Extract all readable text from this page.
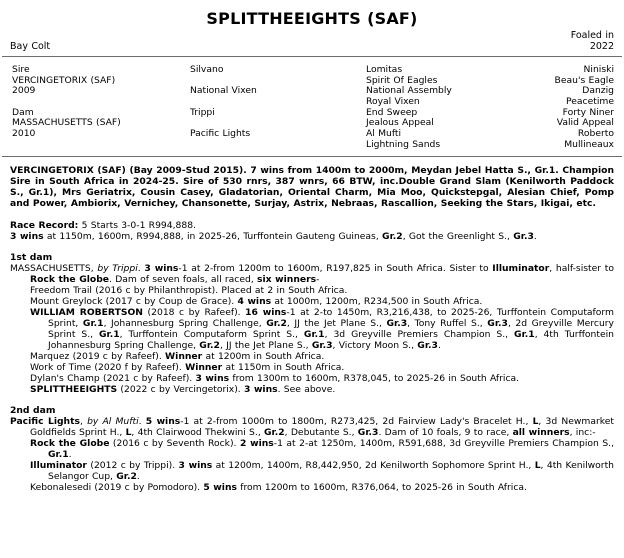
SPLITTHEEIGHTS (SAF)
Bay Colt
Foaled in
2022
Sire
VERCINGETORIX (SAF)
2009
Dam
MASSACHUSETTS (SAF)
2010
Silvano
National Vixen
Trippi
Pacific Lights
Lomitas
Spirit Of Eagles
National Assembly
Royal Vixen
End Sweep
Jealous Appeal
Al Mufti
Lightning Sands
Niniski
Beau's Eagle
Danzig
Peacetime
Forty Niner
Valid Appeal
Roberto
Mullineaux

VERCINGETORIX (SAF) (Bay 2009-Stud 2015). 7 wins from 1400m to 2000m, Meydan Jebel Hatta S., Gr.1. Champion Sire in South Africa in 2024-25. Sire of 530 rnrs, 387 wnrs, 66 BTW, inc.Double Grand Slam (Kenilworth Paddock S., Gr.1), Mrs Geriatrix, Cousin Casey, Gladatorian, Oriental Charm, Mia Moo, Quickstepgal, Alesian Chief, Pomp and Power, Ambiorix, Vernichey, Chansonette, Surjay, Astrix, Nebraas, Rascallion, Seeking the Stars, Ikigai, etc.

Race Record: 5 Starts 3-0-1 R994,888.

3 wins at 1150m, 1600m, R994,888, in 2025-26, Turffontein Gauteng Guineas, Gr.2, Got the Greenlight S., Gr.3.

1st dam

MASSACHUSETTS, by Trippi. 3 wins-1 at 2-from 1200m to 1600m, R197,825 in South Africa. Sister to Illuminator, half-sister to Rock the Globe. Dam of seven foals, all raced, six winners-

Freedom Trail (2016 c by Philanthropist). Placed at 2 in South Africa.

Mount Greylock (2017 c by Coup de Grace). 4 wins at 1000m, 1200m, R234,500 in South Africa.

WILLIAM ROBERTSON (2018 c by Rafeef). 16 wins-1 at 2-to 1450m, R3,216,438, to 2025-26, Turffontein Computaform Sprint, Gr.1, Johannesburg Spring Challenge, Gr.2, JJ the Jet Plane S., Gr.3, Tony Ruffel S., Gr.3, 2d Greyville Mercury Sprint S., Gr.1, Turffontein Computaform Sprint S., Gr.1, 3d Greyville Premiers Champion S., Gr.1, 4th Turffontein Johannesburg Spring Challenge, Gr.2, JJ the Jet Plane S., Gr.3, Victory Moon S., Gr.3.

Marquez (2019 c by Rafeef). Winner at 1200m in South Africa.

Work of Time (2020 f by Rafeef). Winner at 1150m in South Africa.

Dylan's Champ (2021 c by Rafeef). 3 wins from 1300m to 1600m, R378,045, to 2025-26 in South Africa.

SPLITTHEEIGHTS (2022 c by Vercingetorix). 3 wins. See above.

2nd dam

Pacific Lights, by Al Mufti. 5 wins-1 at 2-from 1000m to 1800m, R273,425, 2d Fairview Lady's Bracelet H., L, 3d Newmarket Goldfields Sprint H., L, 4th Clairwood Thekwini S., Gr.2, Debutante S., Gr.3. Dam of 10 foals, 9 to race, all winners, inc:-

Rock the Globe (2016 c by Seventh Rock). 2 wins-1 at 2-at 1250m, 1400m, R591,688, 3d Greyville Premiers Champion S., Gr.1.

Illuminator (2012 c by Trippi). 3 wins at 1200m, 1400m, R8,442,950, 2d Kenilworth Sophomore Sprint H., L, 4th Kenilworth Selangor Cup, Gr.2.

Kebonalesedi (2019 c by Pomodoro). 5 wins from 1200m to 1600m, R376,064, to 2025-26 in South Africa.
